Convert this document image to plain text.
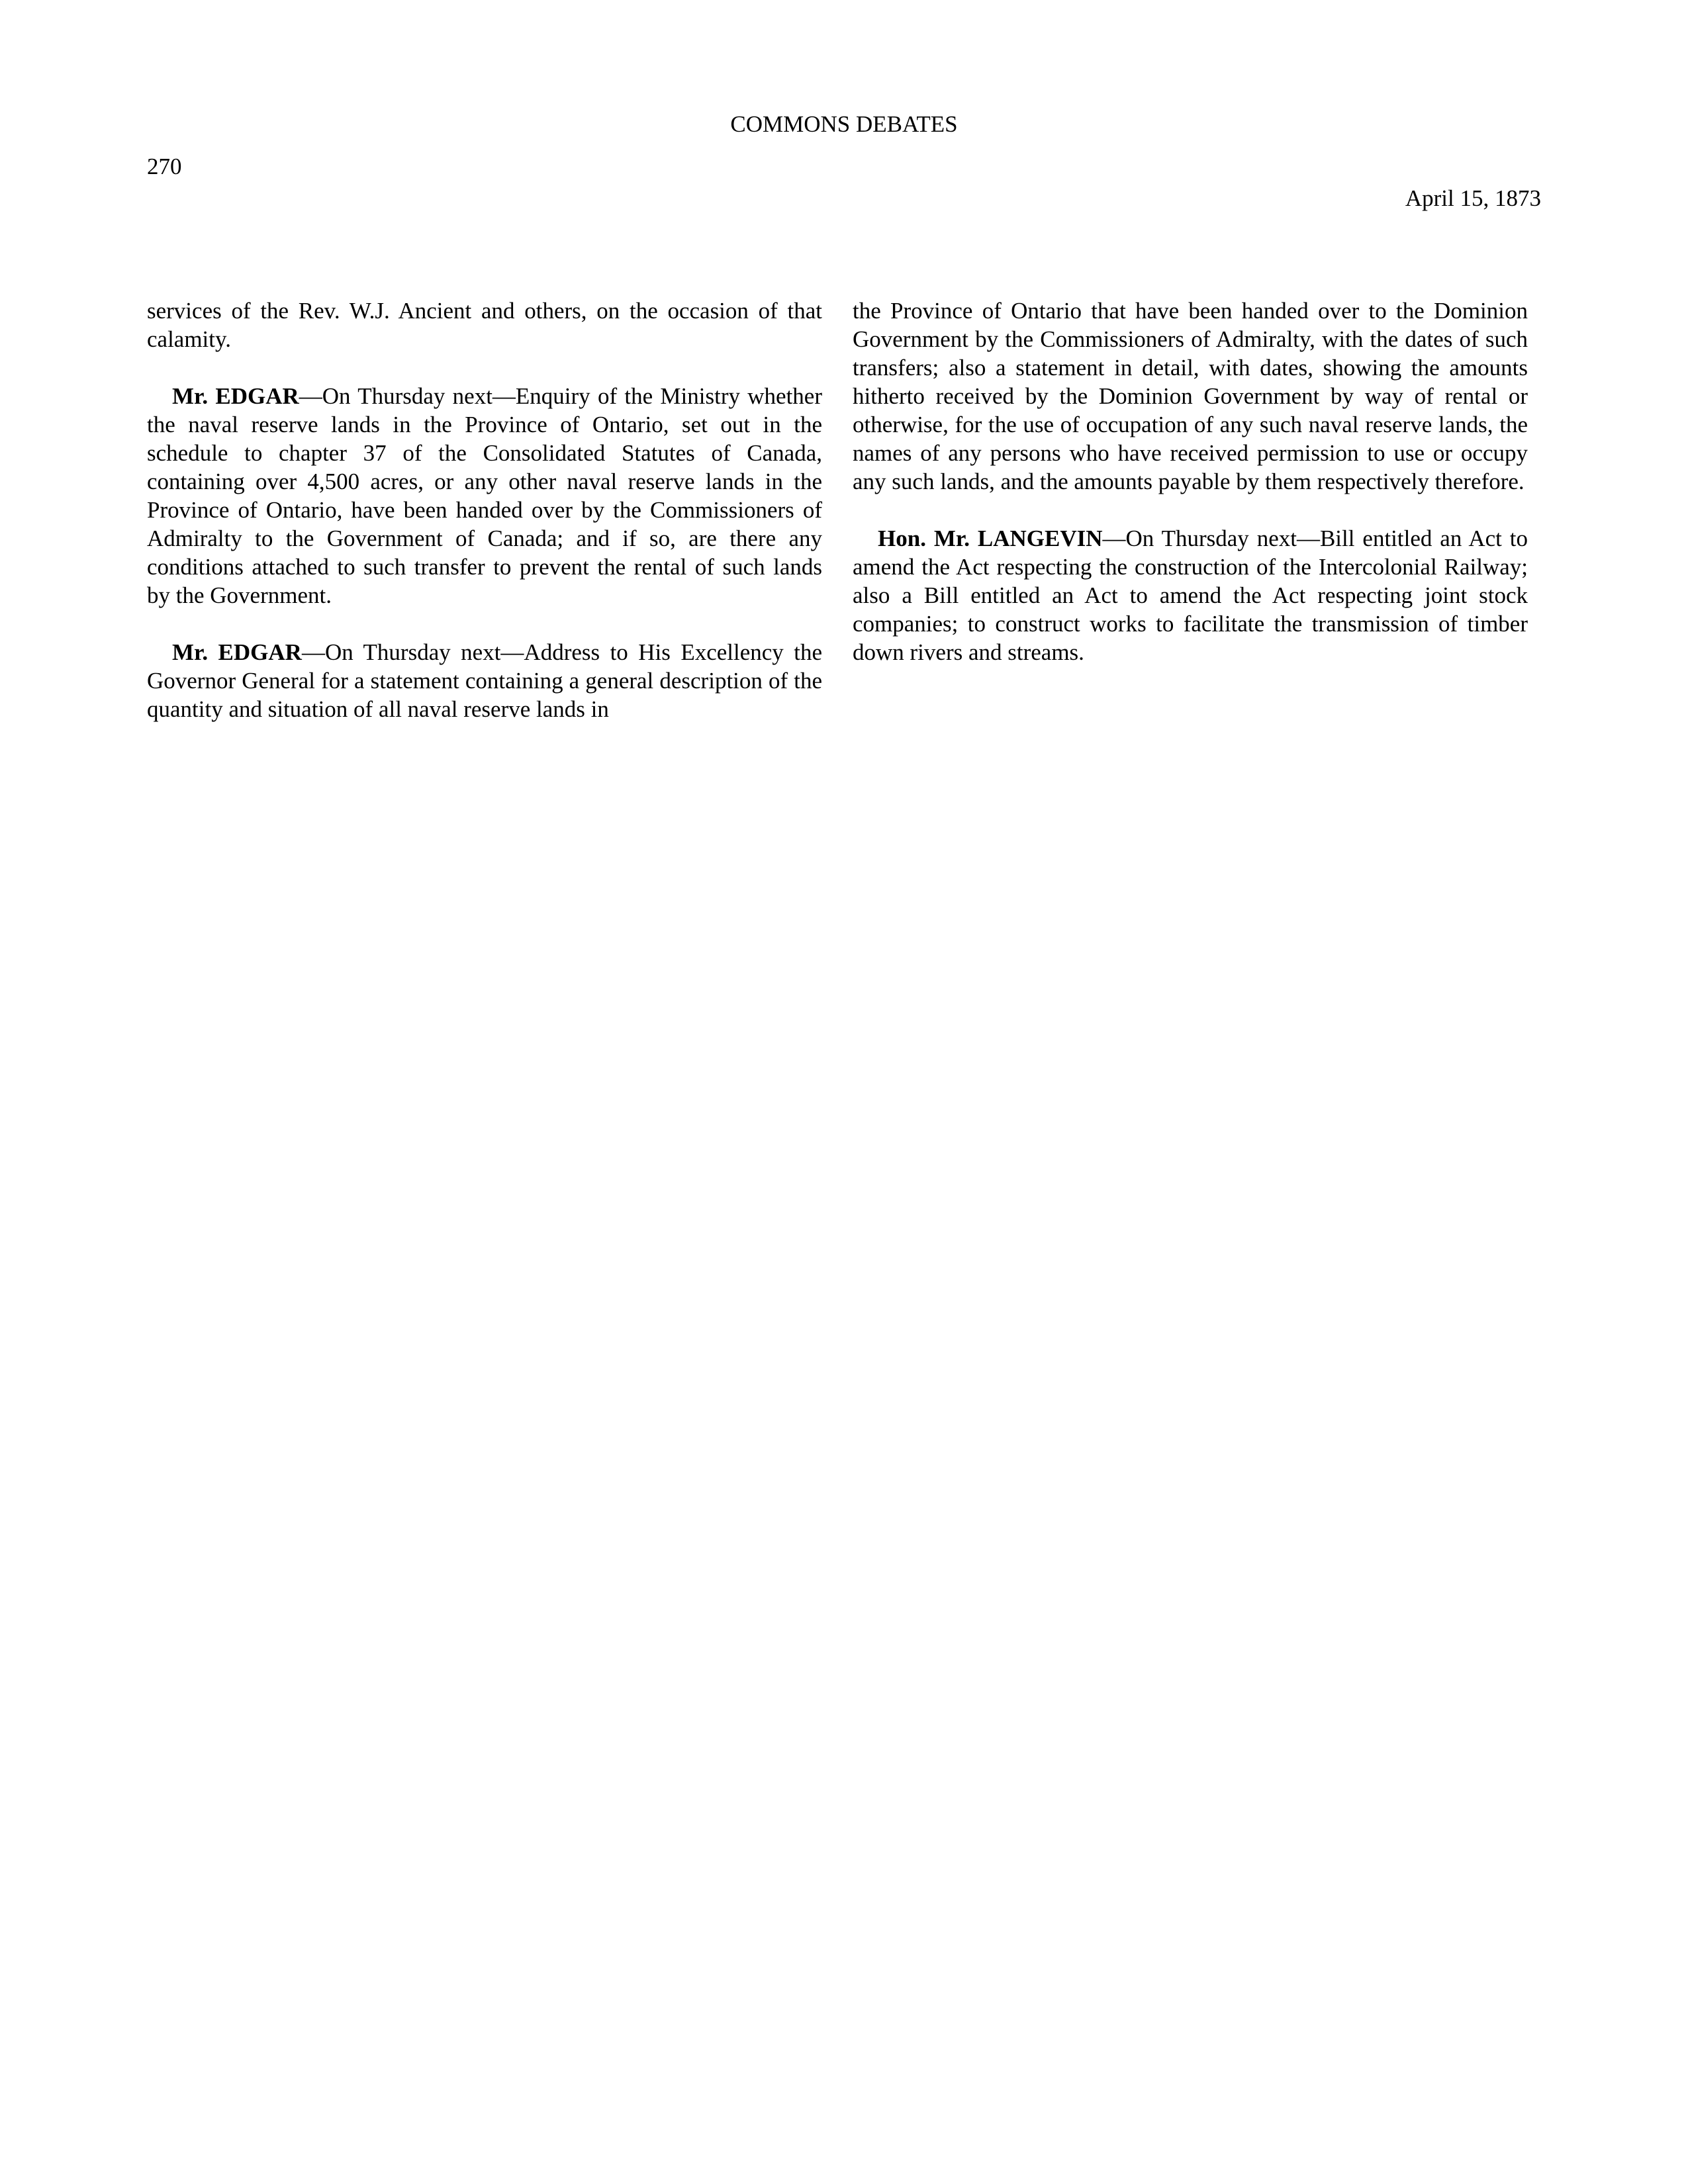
COMMONS DEBATES
270
April 15, 1873

services of the Rev. W.J. Ancient and others, on the occasion of that calamity.

Mr. EDGAR—On Thursday next—Enquiry of the Ministry whether the naval reserve lands in the Province of Ontario, set out in the schedule to chapter 37 of the Consolidated Statutes of Canada, containing over 4,500 acres, or any other naval reserve lands in the Province of Ontario, have been handed over by the Commissioners of Admiralty to the Government of Canada; and if so, are there any conditions attached to such transfer to prevent the rental of such lands by the Government.

Mr. EDGAR—On Thursday next—Address to His Excellency the Governor General for a statement containing a general description of the quantity and situation of all naval reserve lands in

the Province of Ontario that have been handed over to the Dominion Government by the Commissioners of Admiralty, with the dates of such transfers; also a statement in detail, with dates, showing the amounts hitherto received by the Dominion Government by way of rental or otherwise, for the use of occupation of any such naval reserve lands, the names of any persons who have received permission to use or occupy any such lands, and the amounts payable by them respectively therefore.

Hon. Mr. LANGEVIN—On Thursday next—Bill entitled an Act to amend the Act respecting the construction of the Intercolonial Railway; also a Bill entitled an Act to amend the Act respecting joint stock companies; to construct works to facilitate the transmission of timber down rivers and streams.
